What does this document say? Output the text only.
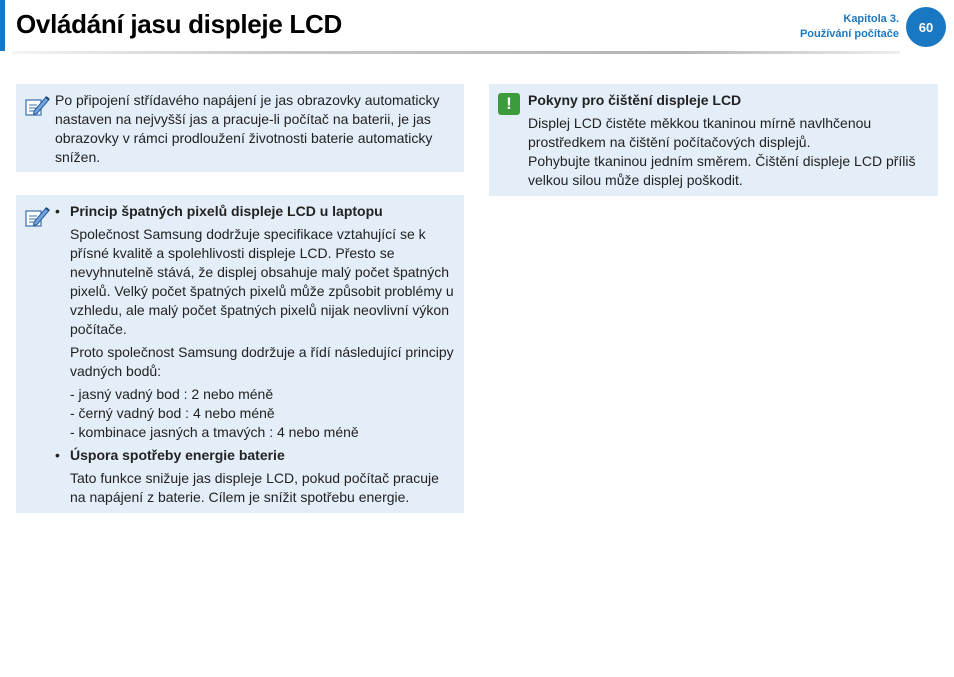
Ovládání jasu displeje LCD	Kapitola 3.
Používání počítače	60

Po připojení střídavého napájení je jas obrazovky automaticky nastaven na nejvyšší jas a pracuje-li počítač na baterii, je jas obrazovky v rámci prodloužení životnosti baterie automaticky snížen.

• Princip špatných pixelů displeje LCD u laptopu

Společnost Samsung dodržuje specifikace vztahující se k přísné kvalitě a spolehlivosti displeje LCD. Přesto se nevyhnutelně stává, že displej obsahuje malý počet špatných pixelů. Velký počet špatných pixelů může způsobit problémy u vzhledu, ale malý počet špatných pixelů nijak neovlivní výkon počítače.

Proto společnost Samsung dodržuje a řídí následující principy vadných bodů:

- jasný vadný bod : 2 nebo méně

- černý vadný bod : 4 nebo méně

- kombinace jasných a tmavých : 4 nebo méně

• Úspora spotřeby energie baterie

Tato funkce snižuje jas displeje LCD, pokud počítač pracuje na napájení z baterie. Cílem je snížit spotřebu energie.

!	Pokyny pro čištění displeje LCD

Displej LCD čistěte měkkou tkaninou mírně navlhčenou prostředkem na čištění počítačových displejů.

Pohybujte tkaninou jedním směrem. Čištění displeje LCD příliš velkou silou může displej poškodit.
